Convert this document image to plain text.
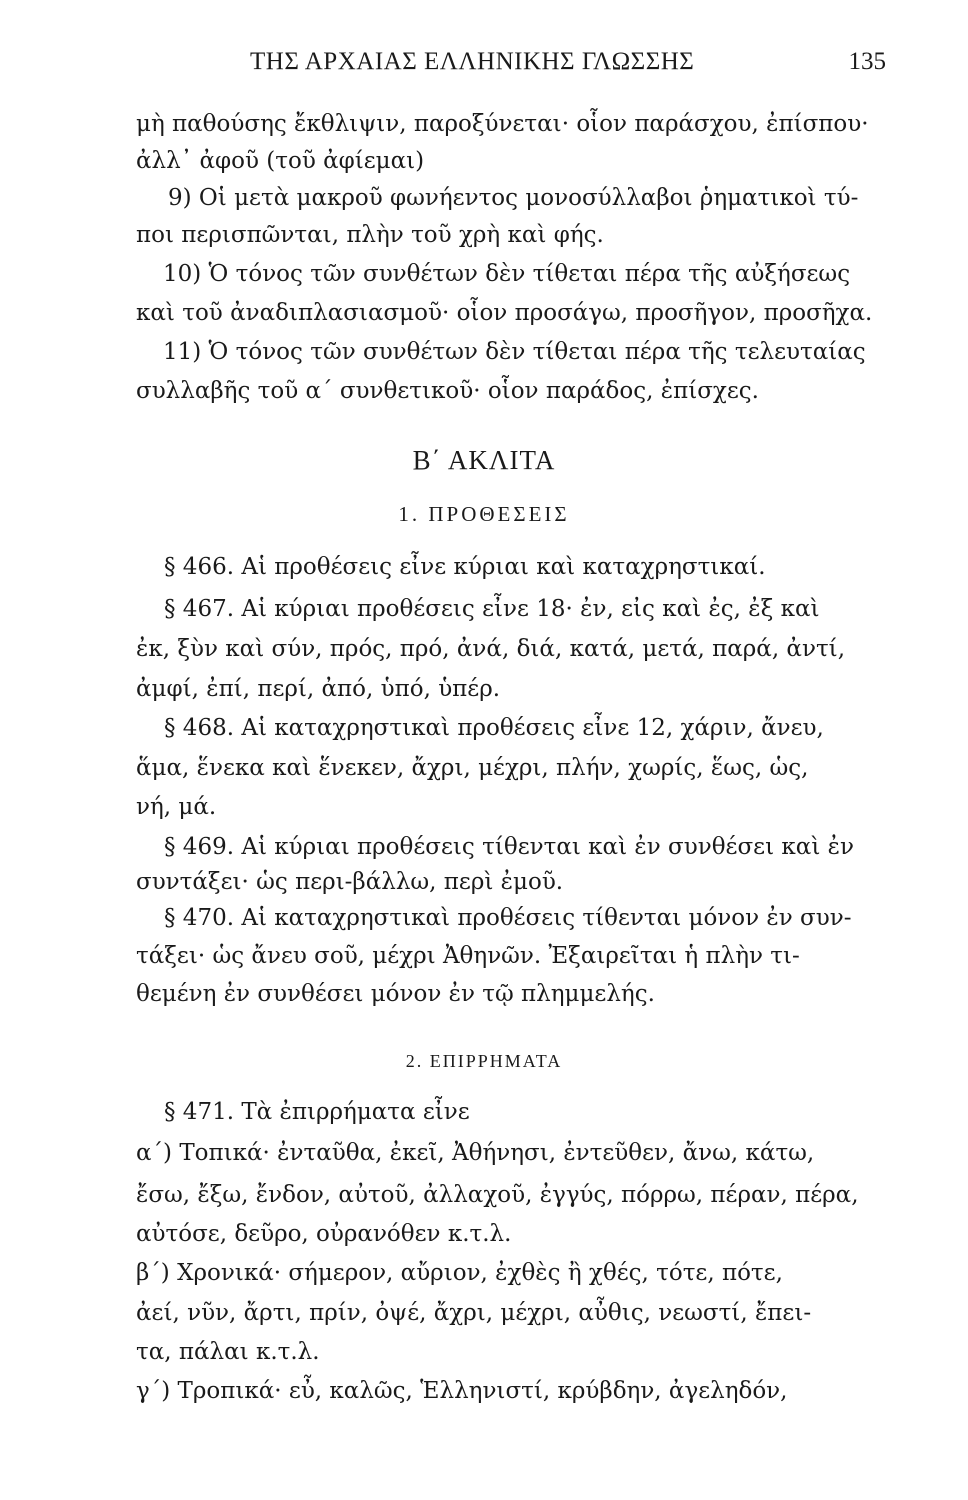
ΤΗΣ ΑΡΧΑΙΑΣ ΕΛΛΗΝΙΚΗΣ ΓΛΩΣΣΗΣ	135
μὴ παθούσης ἔκθλιψιν, παροξύνεται· οἷον παράσχου, ἐπίσπου·
ἀλλ᾽ ἀφοῦ (τοῦ ἀφίεμαι)
9) Οἱ μετὰ μακροῦ φωνήεντος μονοσύλλαβοι ῥηματικοὶ τύ-
ποι περισπῶνται, πλὴν τοῦ χρὴ καὶ φής.
10) Ὁ τόνος τῶν συνθέτων δὲν τίθεται πέρα τῆς αὐξήσεως
καὶ τοῦ ἀναδιπλασιασμοῦ· οἷον προσάγω, προσῆγον, προσῆχα.
11) Ὁ τόνος τῶν συνθέτων δὲν τίθεται πέρα τῆς τελευταίας
συλλαβῆς τοῦ α΄ συνθετικοῦ· οἷον παράδος, ἐπίσχες.
Β΄ ΑΚΛΙΤΑ
1. ΠΡΟΘΕΣΕΙΣ
§ 466. Αἱ προθέσεις εἶνε κύριαι καὶ καταχρηστικαί.
§ 467. Αἱ κύριαι προθέσεις εἶνε 18· ἐν, εἰς καὶ ἐς, ἐξ καὶ
ἐκ, ξὺν καὶ σύν, πρός, πρό, ἀνά, διά, κατά, μετά, παρά, ἀντί,
ἀμφί, ἐπί, περί, ἀπό, ὑπό, ὑπέρ.
§ 468. Αἱ καταχρηστικαὶ προθέσεις εἶνε 12, χάριν, ἄνευ,
ἅμα, ἕνεκα καὶ ἕνεκεν, ἄχρι, μέχρι, πλήν, χωρίς, ἕως, ὡς,
νή, μά.
§ 469. Αἱ κύριαι προθέσεις τίθενται καὶ ἐν συνθέσει καὶ ἐν
συντάξει· ὡς περι-βάλλω, περὶ ἐμοῦ.
§ 470. Αἱ καταχρηστικαὶ προθέσεις τίθενται μόνον ἐν συν-
τάξει· ὡς ἄνευ σοῦ, μέχρι Ἀθηνῶν. Ἐξαιρεῖται ἡ πλὴν τι-
θεμένη ἐν συνθέσει μόνον ἐν τῷ πλημμελής.
2. ΕΠΙΡΡΗΜΑΤΑ
§ 471. Τὰ ἐπιρρήματα εἶνε
α΄) Τοπικά· ἐνταῦθα, ἐκεῖ, Ἀθήνησι, ἐντεῦθεν, ἄνω, κάτω,
ἔσω, ἔξω, ἔνδον, αὐτοῦ, ἀλλαχοῦ, ἐγγύς, πόρρω, πέραν, πέρα,
αὐτόσε, δεῦρο, οὐρανόθεν κ.τ.λ.
β΄) Χρονικά· σήμερον, αὔριον, ἐχθὲς ἢ χθές, τότε, πότε,
ἀεί, νῦν, ἄρτι, πρίν, ὀψέ, ἄχρι, μέχρι, αὖθις, νεωστί, ἔπει-
τα, πάλαι κ.τ.λ.
γ΄) Τροπικά· εὖ, καλῶς, Ἑλληνιστί, κρύβδην, ἀγεληδόν,
